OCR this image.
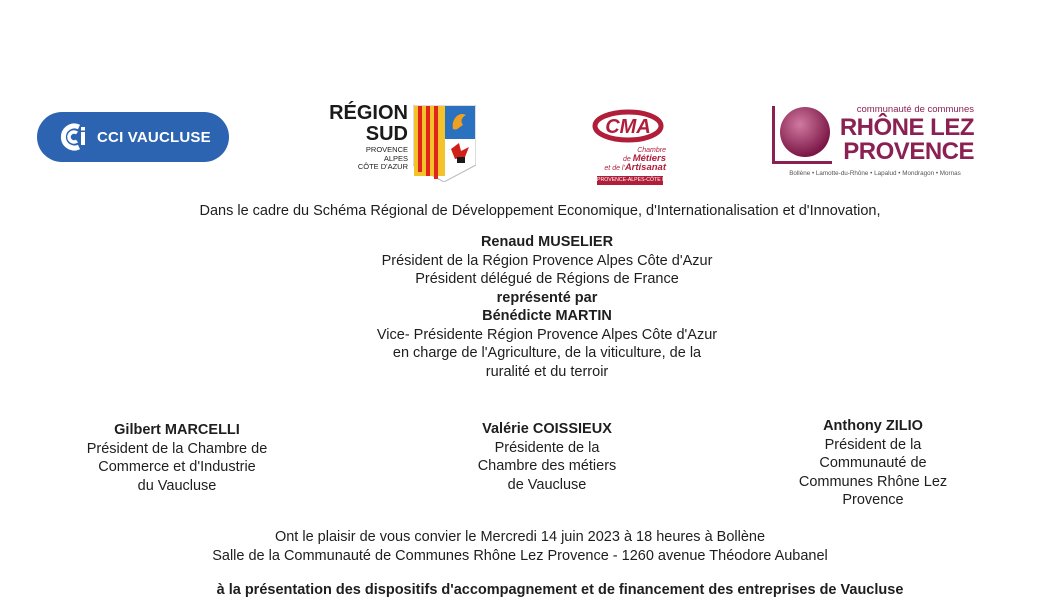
CCI VAUCLUSE
RÉGION
SUD
PROVENCE
ALPES
CÔTE D'AZUR
CMA
Chambre
de Métiers
et de l'Artisanat
PROVENCE-ALPES-CÔTE D'AZUR
communauté de communes
RHÔNE LEZ
PROVENCE
Bollène • Lamotte-du-Rhône • Lapalud • Mondragon • Mornas
Dans le cadre du Schéma Régional de Développement Economique, d'Internationalisation et d'Innovation,
Renaud MUSELIER
Président de la Région Provence Alpes Côte d'Azur
Président délégué de Régions de France
représenté par
Bénédicte MARTIN
Vice- Présidente Région Provence Alpes Côte d'Azur
en charge de l'Agriculture, de la viticulture, de la
ruralité et du terroir
Gilbert MARCELLI
Président de la Chambre de
Commerce et d'Industrie
du Vaucluse
Valérie COISSIEUX
Présidente de la
Chambre des métiers
de Vaucluse
Anthony ZILIO
Président de la
Communauté de
Communes Rhône Lez
Provence
Ont le plaisir de vous convier le Mercredi 14 juin 2023 à 18 heures à Bollène
Salle de la Communauté de Communes Rhône Lez Provence - 1260 avenue Théodore Aubanel
à la présentation des dispositifs d'accompagnement et de financement des entreprises de Vaucluse
